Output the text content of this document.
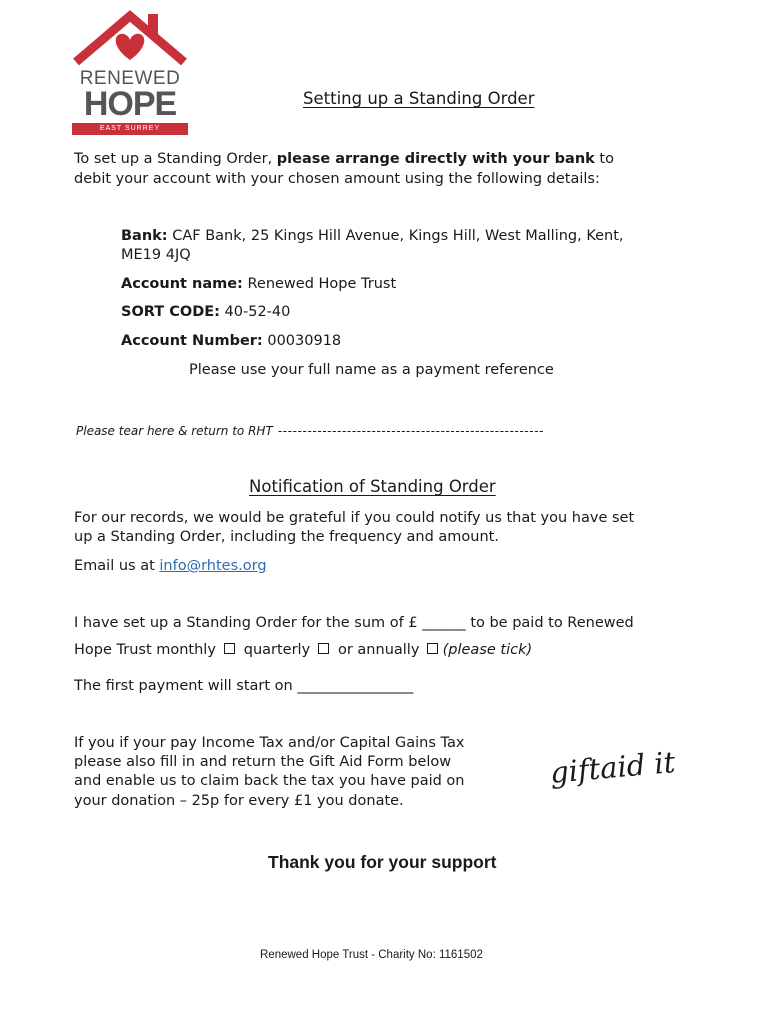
RENEWED
HOPE
EAST SURREY
Setting up a Standing Order
To set up a Standing Order, please arrange directly with your bank to
debit your account with your chosen amount using the following details:
Bank: CAF Bank, 25 Kings Hill Avenue, Kings Hill, West Malling, Kent,
ME19 4JQ
Account name: Renewed Hope Trust
SORT CODE: 40-52-40
Account Number: 00030918
Please use your full name as a payment reference
Please tear here & return to RHT ------------------------------------------------------
Notification of Standing Order
For our records, we would be grateful if you could notify us that you have set
up a Standing Order, including the frequency and amount.
Email us at info@rhtes.org
I have set up a Standing Order for the sum of £ ______ to be paid to Renewed
Hope Trust monthly quarterly or annually (please tick)
The first payment will start on ________________
If you if your pay Income Tax and/or Capital Gains Tax
please also fill in and return the Gift Aid Form below
and enable us to claim back the tax you have paid on
your donation – 25p for every £1 you donate.
giftaid it
Thank you for your support
Renewed Hope Trust - Charity No: 1161502
